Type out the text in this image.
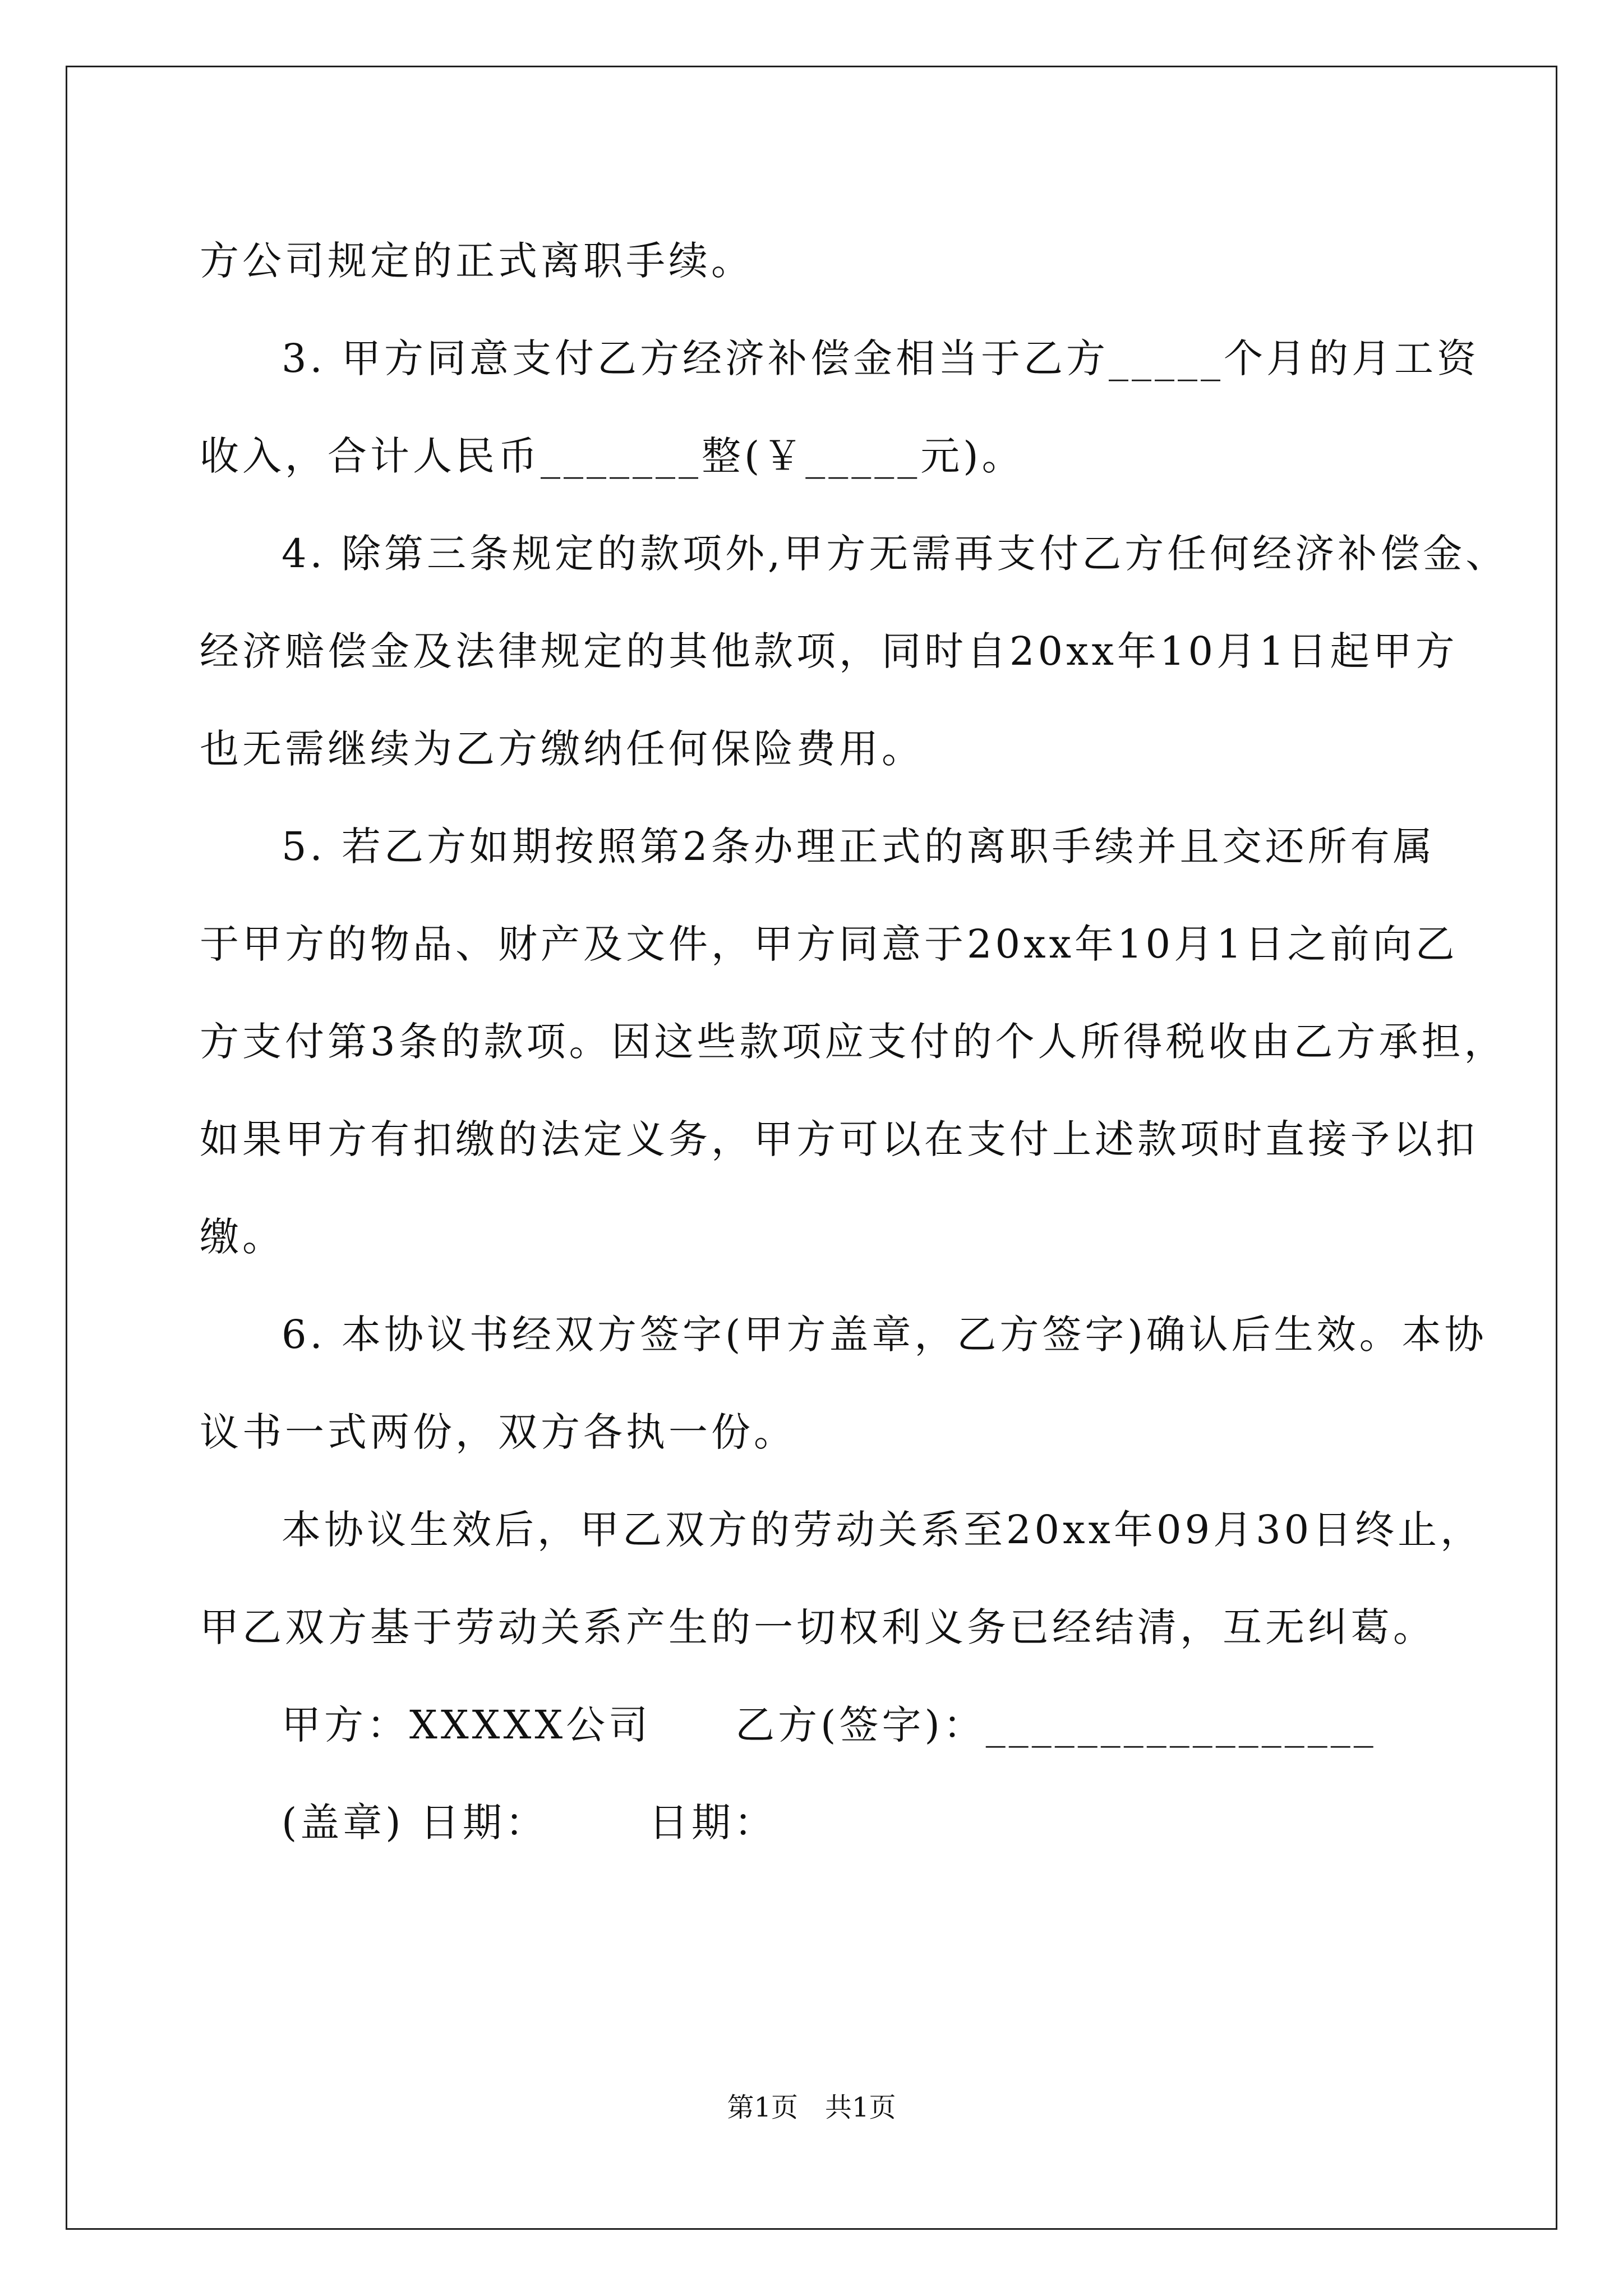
方公司规定的正式离职手续。
3. 甲方同意支付乙方经济补偿金相当于乙方_____个月的月工资
收入，合计人民币_______整(￥_____元)。
4. 除第三条规定的款项外,甲方无需再支付乙方任何经济补偿金、
经济赔偿金及法律规定的其他款项，同时自20xx年10月1日起甲方
也无需继续为乙方缴纳任何保险费用。
5. 若乙方如期按照第2条办理正式的离职手续并且交还所有属
于甲方的物品、财产及文件，甲方同意于20xx年10月1日之前向乙
方支付第3条的款项。因这些款项应支付的个人所得税收由乙方承担，
如果甲方有扣缴的法定义务，甲方可以在支付上述款项时直接予以扣
缴。
6. 本协议书经双方签字(甲方盖章，乙方签字)确认后生效。本协
议书一式两份，双方各执一份。
本协议生效后，甲乙双方的劳动关系至20xx年09月30日终止，
甲乙双方基于劳动关系产生的一切权利义务已经结清，互无纠葛。
甲方：XXXXX公司 乙方(签字)：_________________
(盖章) 日期：	日期：
第1页　共1页
